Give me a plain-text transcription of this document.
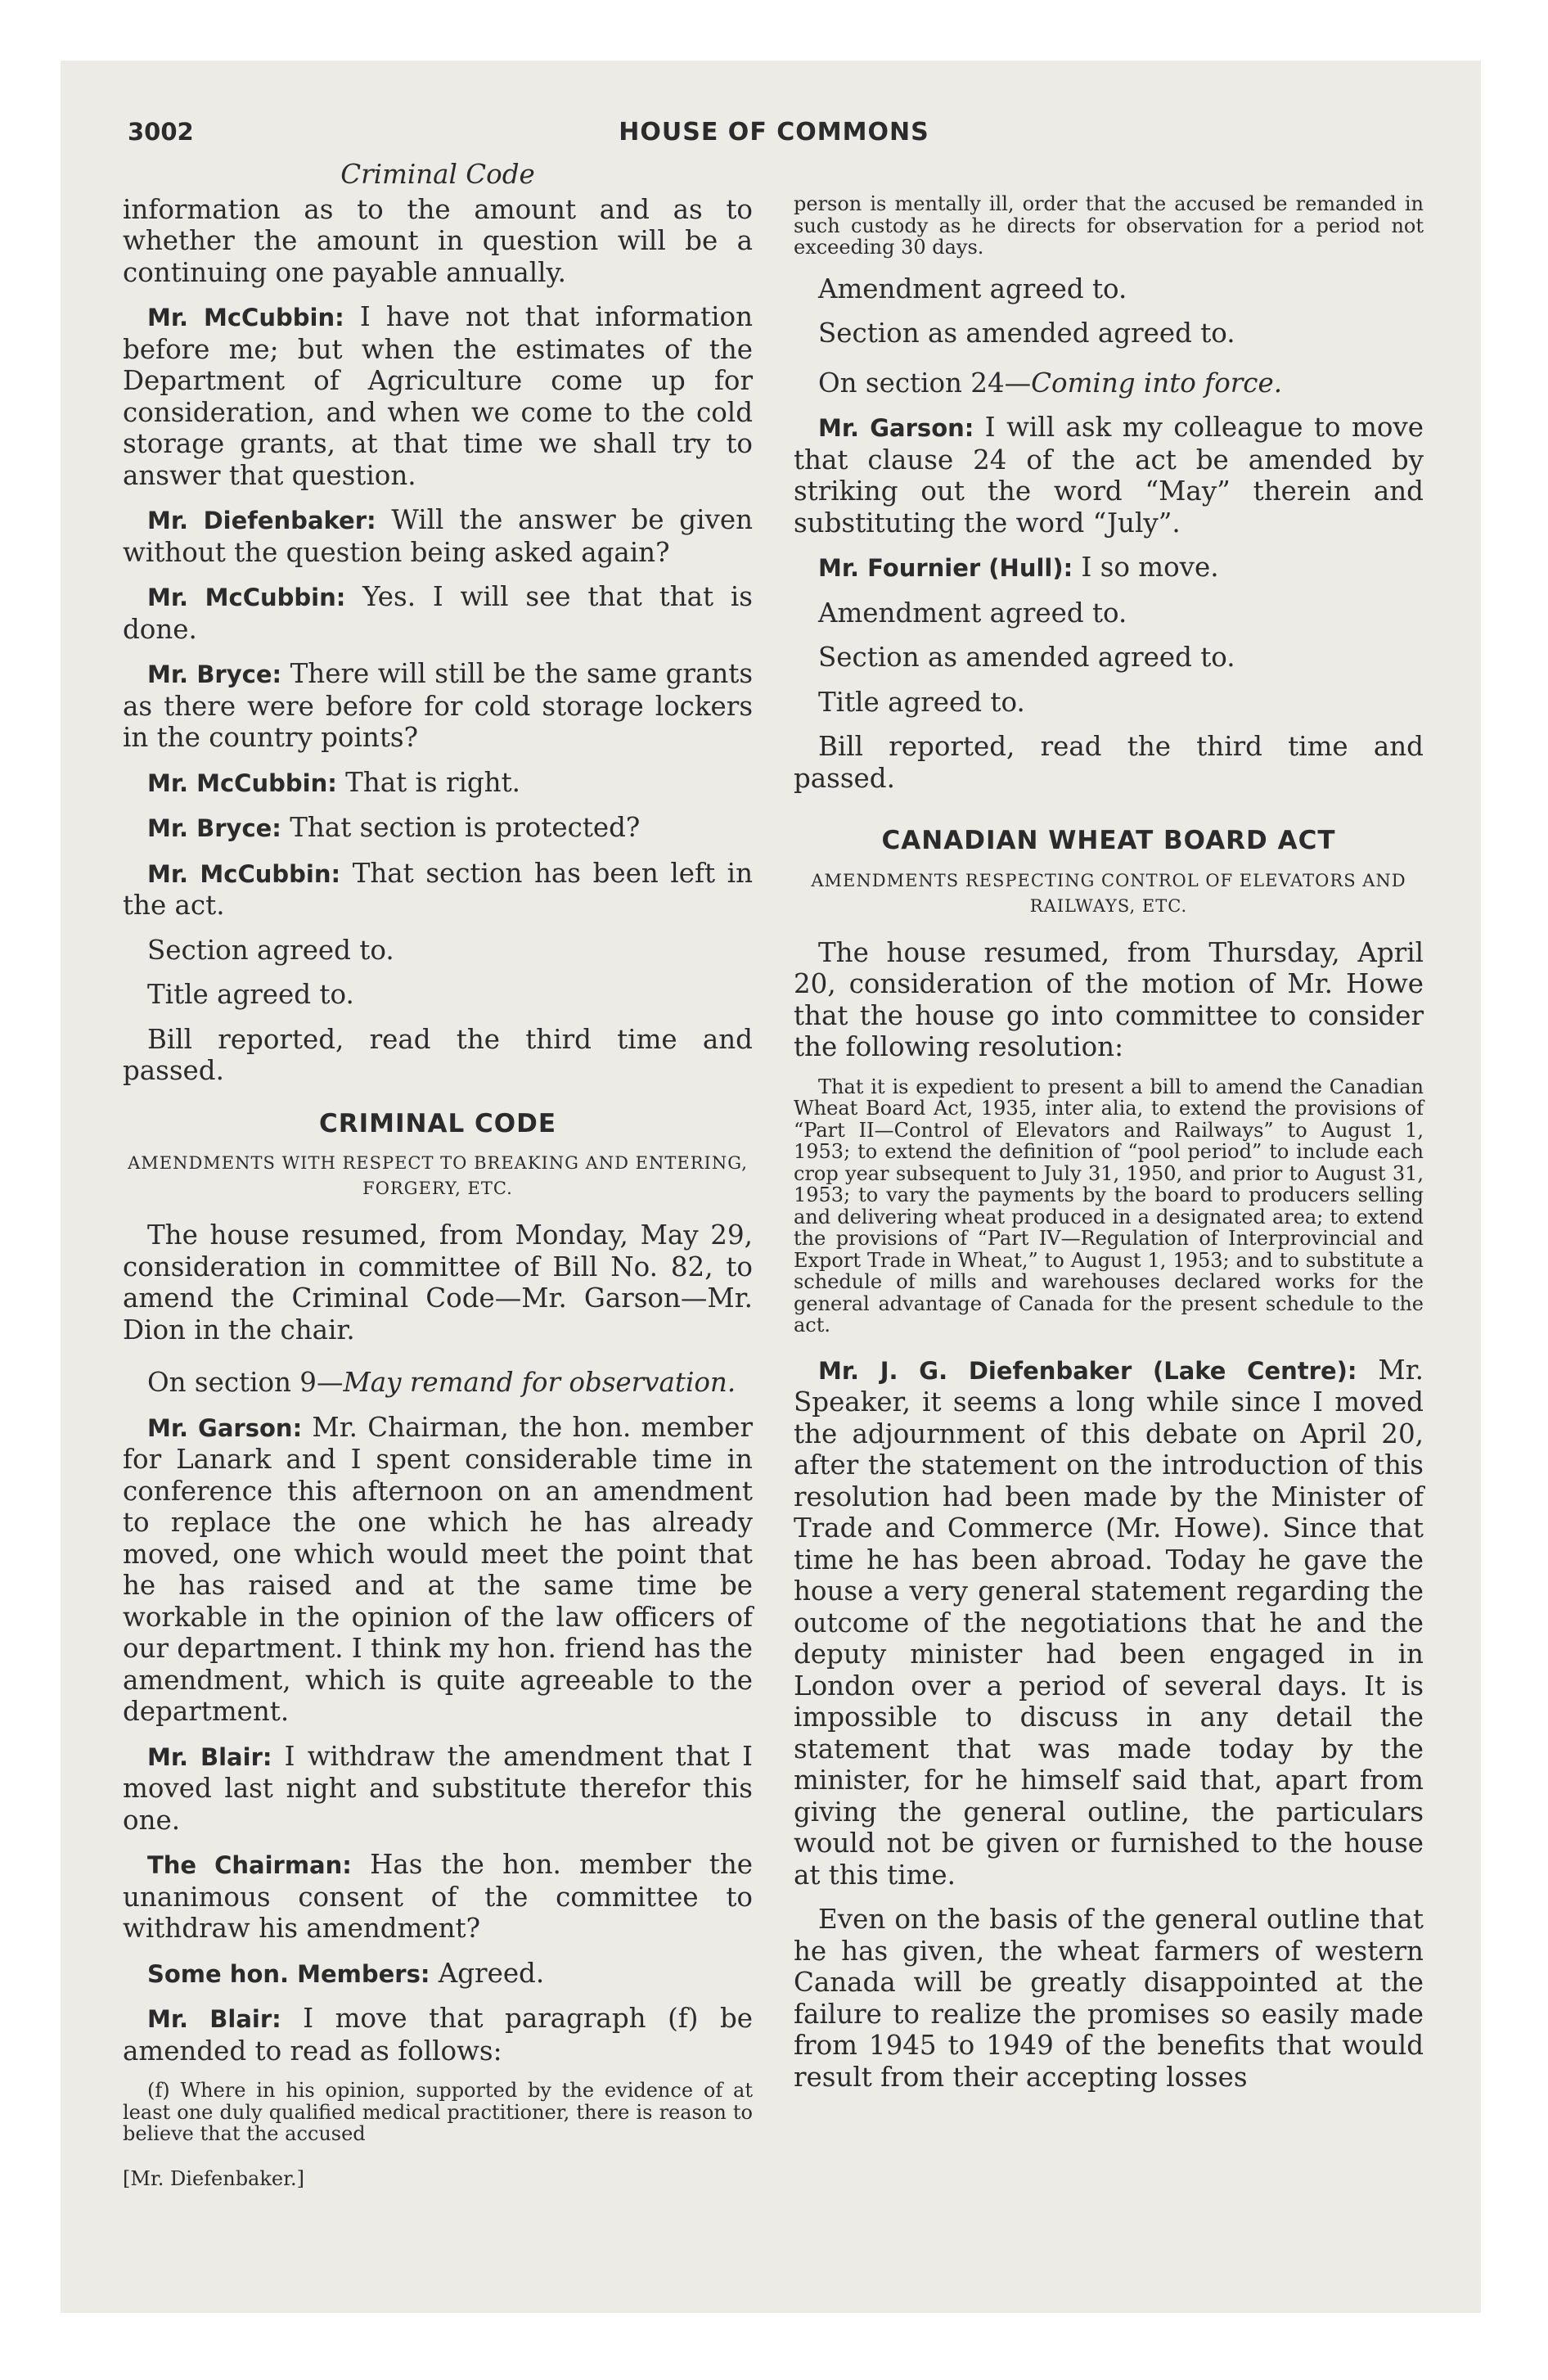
3002	HOUSE OF COMMONS
Criminal Code

information as to the amount and as to whether the amount in question will be a continuing one payable annually.

Mr. McCubbin: I have not that information before me; but when the estimates of the Department of Agriculture come up for consideration, and when we come to the cold storage grants, at that time we shall try to answer that question.

Mr. Diefenbaker: Will the answer be given without the question being asked again?

Mr. McCubbin: Yes. I will see that that is done.

Mr. Bryce: There will still be the same grants as there were before for cold storage lockers in the country points?

Mr. McCubbin: That is right.

Mr. Bryce: That section is protected?

Mr. McCubbin: That section has been left in the act.

Section agreed to.

Title agreed to.

Bill reported, read the third time and passed.

CRIMINAL CODE
AMENDMENTS WITH RESPECT TO BREAKING AND ENTERING, FORGERY, ETC.

The house resumed, from Monday, May 29, consideration in committee of Bill No. 82, to amend the Criminal Code—Mr. Garson—Mr. Dion in the chair.

On section 9—May remand for observation.

Mr. Garson: Mr. Chairman, the hon. member for Lanark and I spent considerable time in conference this afternoon on an amendment to replace the one which he has already moved, one which would meet the point that he has raised and at the same time be workable in the opinion of the law officers of our department. I think my hon. friend has the amendment, which is quite agreeable to the department.

Mr. Blair: I withdraw the amendment that I moved last night and substitute therefor this one.

The Chairman: Has the hon. member the unanimous consent of the committee to withdraw his amendment?

Some hon. Members: Agreed.

Mr. Blair: I move that paragraph (f) be amended to read as follows:

(f) Where in his opinion, supported by the evidence of at least one duly qualified medical practitioner, there is reason to believe that the accused

[Mr. Diefenbaker.]

person is mentally ill, order that the accused be remanded in such custody as he directs for observation for a period not exceeding 30 days.

Amendment agreed to.

Section as amended agreed to.

On section 24—Coming into force.

Mr. Garson: I will ask my colleague to move that clause 24 of the act be amended by striking out the word “May” therein and substituting the word “July”.

Mr. Fournier (Hull): I so move.

Amendment agreed to.

Section as amended agreed to.

Title agreed to.

Bill reported, read the third time and passed.

CANADIAN WHEAT BOARD ACT
AMENDMENTS RESPECTING CONTROL OF ELEVATORS AND RAILWAYS, ETC.

The house resumed, from Thursday, April 20, consideration of the motion of Mr. Howe that the house go into committee to consider the following resolution:

That it is expedient to present a bill to amend the Canadian Wheat Board Act, 1935, inter alia, to extend the provisions of “Part II—Control of Elevators and Railways” to August 1, 1953; to extend the definition of “pool period” to include each crop year subsequent to July 31, 1950, and prior to August 31, 1953; to vary the payments by the board to producers selling and delivering wheat produced in a designated area; to extend the provisions of “Part IV—Regulation of Interprovincial and Export Trade in Wheat,” to August 1, 1953; and to substitute a schedule of mills and warehouses declared works for the general advantage of Canada for the present schedule to the act.

Mr. J. G. Diefenbaker (Lake Centre): Mr. Speaker, it seems a long while since I moved the adjournment of this debate on April 20, after the statement on the introduction of this resolution had been made by the Minister of Trade and Commerce (Mr. Howe). Since that time he has been abroad. Today he gave the house a very general statement regarding the outcome of the negotiations that he and the deputy minister had been engaged in in London over a period of several days. It is impossible to discuss in any detail the statement that was made today by the minister, for he himself said that, apart from giving the general outline, the particulars would not be given or furnished to the house at this time.

Even on the basis of the general outline that he has given, the wheat farmers of western Canada will be greatly disappointed at the failure to realize the promises so easily made from 1945 to 1949 of the benefits that would result from their accepting losses
